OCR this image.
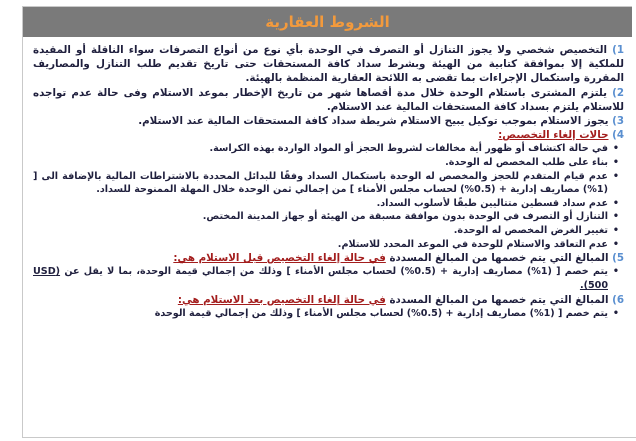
الشروط العقارية

1) التخصيص شخصي ولا يجوز التنازل أو التصرف في الوحدة بأي نوع من أنواع التصرفات سواء الناقلة أو المقيدة للملكية إلا بموافقة كتابية من الهيئة وبشرط سداد كافة المستحقات حتى تاريخ تقديم طلب التنازل والمصاريف المقررة واستكمال الإجراءات بما تقضى به اللائحة العقارية المنظمة بالهيئة.

2) يلتزم المشترى باستلام الوحدة خلال مدة أقصاها شهر من تاريخ الإخطار بموعد الاستلام وفى حالة عدم تواجده للاستلام يلتزم بسداد كافة المستحقات المالية عند الاستلام.

3) يجوز الاستلام بموجب توكيل يبيح الاستلام شريطة سداد كافة المستحقات المالية عند الاستلام.

4) حالات إلغاء التخصيص:

• في حالة اكتشاف أو ظهور أية مخالفات لشروط الحجز أو المواد الواردة بهذه الكراسة.
• بناء على طلب المخصص له الوحدة.
• عدم قيام المتقدم للحجز والمخصص له الوحدة باستكمال السداد وفقًا للبدائل المحددة بالاشتراطات المالية بالإضافة الى [ (1%) مصاريف إدارية + (0.5%) لحساب مجلس الأمناء ] من إجمالي ثمن الوحدة خلال المهلة الممنوحة للسداد.
• عدم سداد قسطين متتاليين طبقًا لأسلوب السداد.
• التنازل أو التصرف في الوحدة بدون موافقة مسبقة من الهيئة أو جهاز المدينة المختص.
• تغيير الغرض المخصص له الوحدة.
• عدم التعاقد والاستلام للوحدة في الموعد المحدد للاستلام.

5) المبالغ التي يتم خصمها من المبالغ المسددة في حالة إلغاء التخصيص قبل الاستلام هي:

• يتم خصم [ (1%) مصاريف إدارية + (0.5%) لحساب مجلس الأمناء ] وذلك من إجمالي قيمة الوحدة، بما لا يقل عن (USD 500).

6) المبالغ التي يتم خصمها من المبالغ المسددة في حالة إلغاء التخصيص بعد الاستلام هي:

• يتم خصم [ (1%) مصاريف إدارية + (0.5%) لحساب مجلس الأمناء ] وذلك من إجمالي قيمة الوحدة
